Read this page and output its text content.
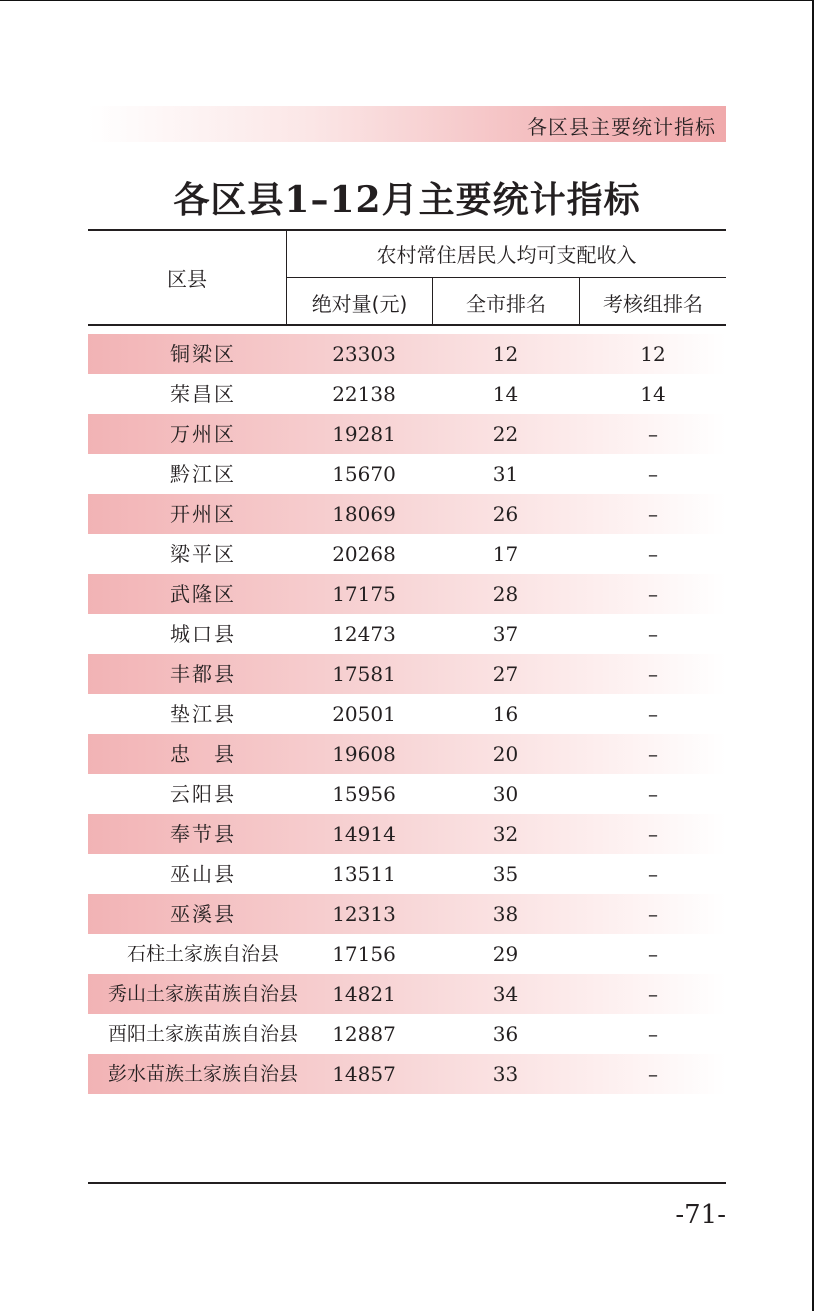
各区县主要统计指标
各区县1–12月主要统计指标
区县
农村常住居民人均可支配收入
绝对量(元)	全市排名	考核组排名
铜梁区	23303	12	12
荣昌区	22138	14	14
万州区	19281	22	–
黔江区	15670	31	–
开州区	18069	26	–
梁平区	20268	17	–
武隆区	17175	28	–
城口县	12473	37	–
丰都县	17581	27	–
垫江县	20501	16	–
忠　县	19608	20	–
云阳县	15956	30	–
奉节县	14914	32	–
巫山县	13511	35	–
巫溪县	12313	38	–
石柱土家族自治县	17156	29	–
秀山土家族苗族自治县	14821	34	–
酉阳土家族苗族自治县	12887	36	–
彭水苗族土家族自治县	14857	33	–
-71-
